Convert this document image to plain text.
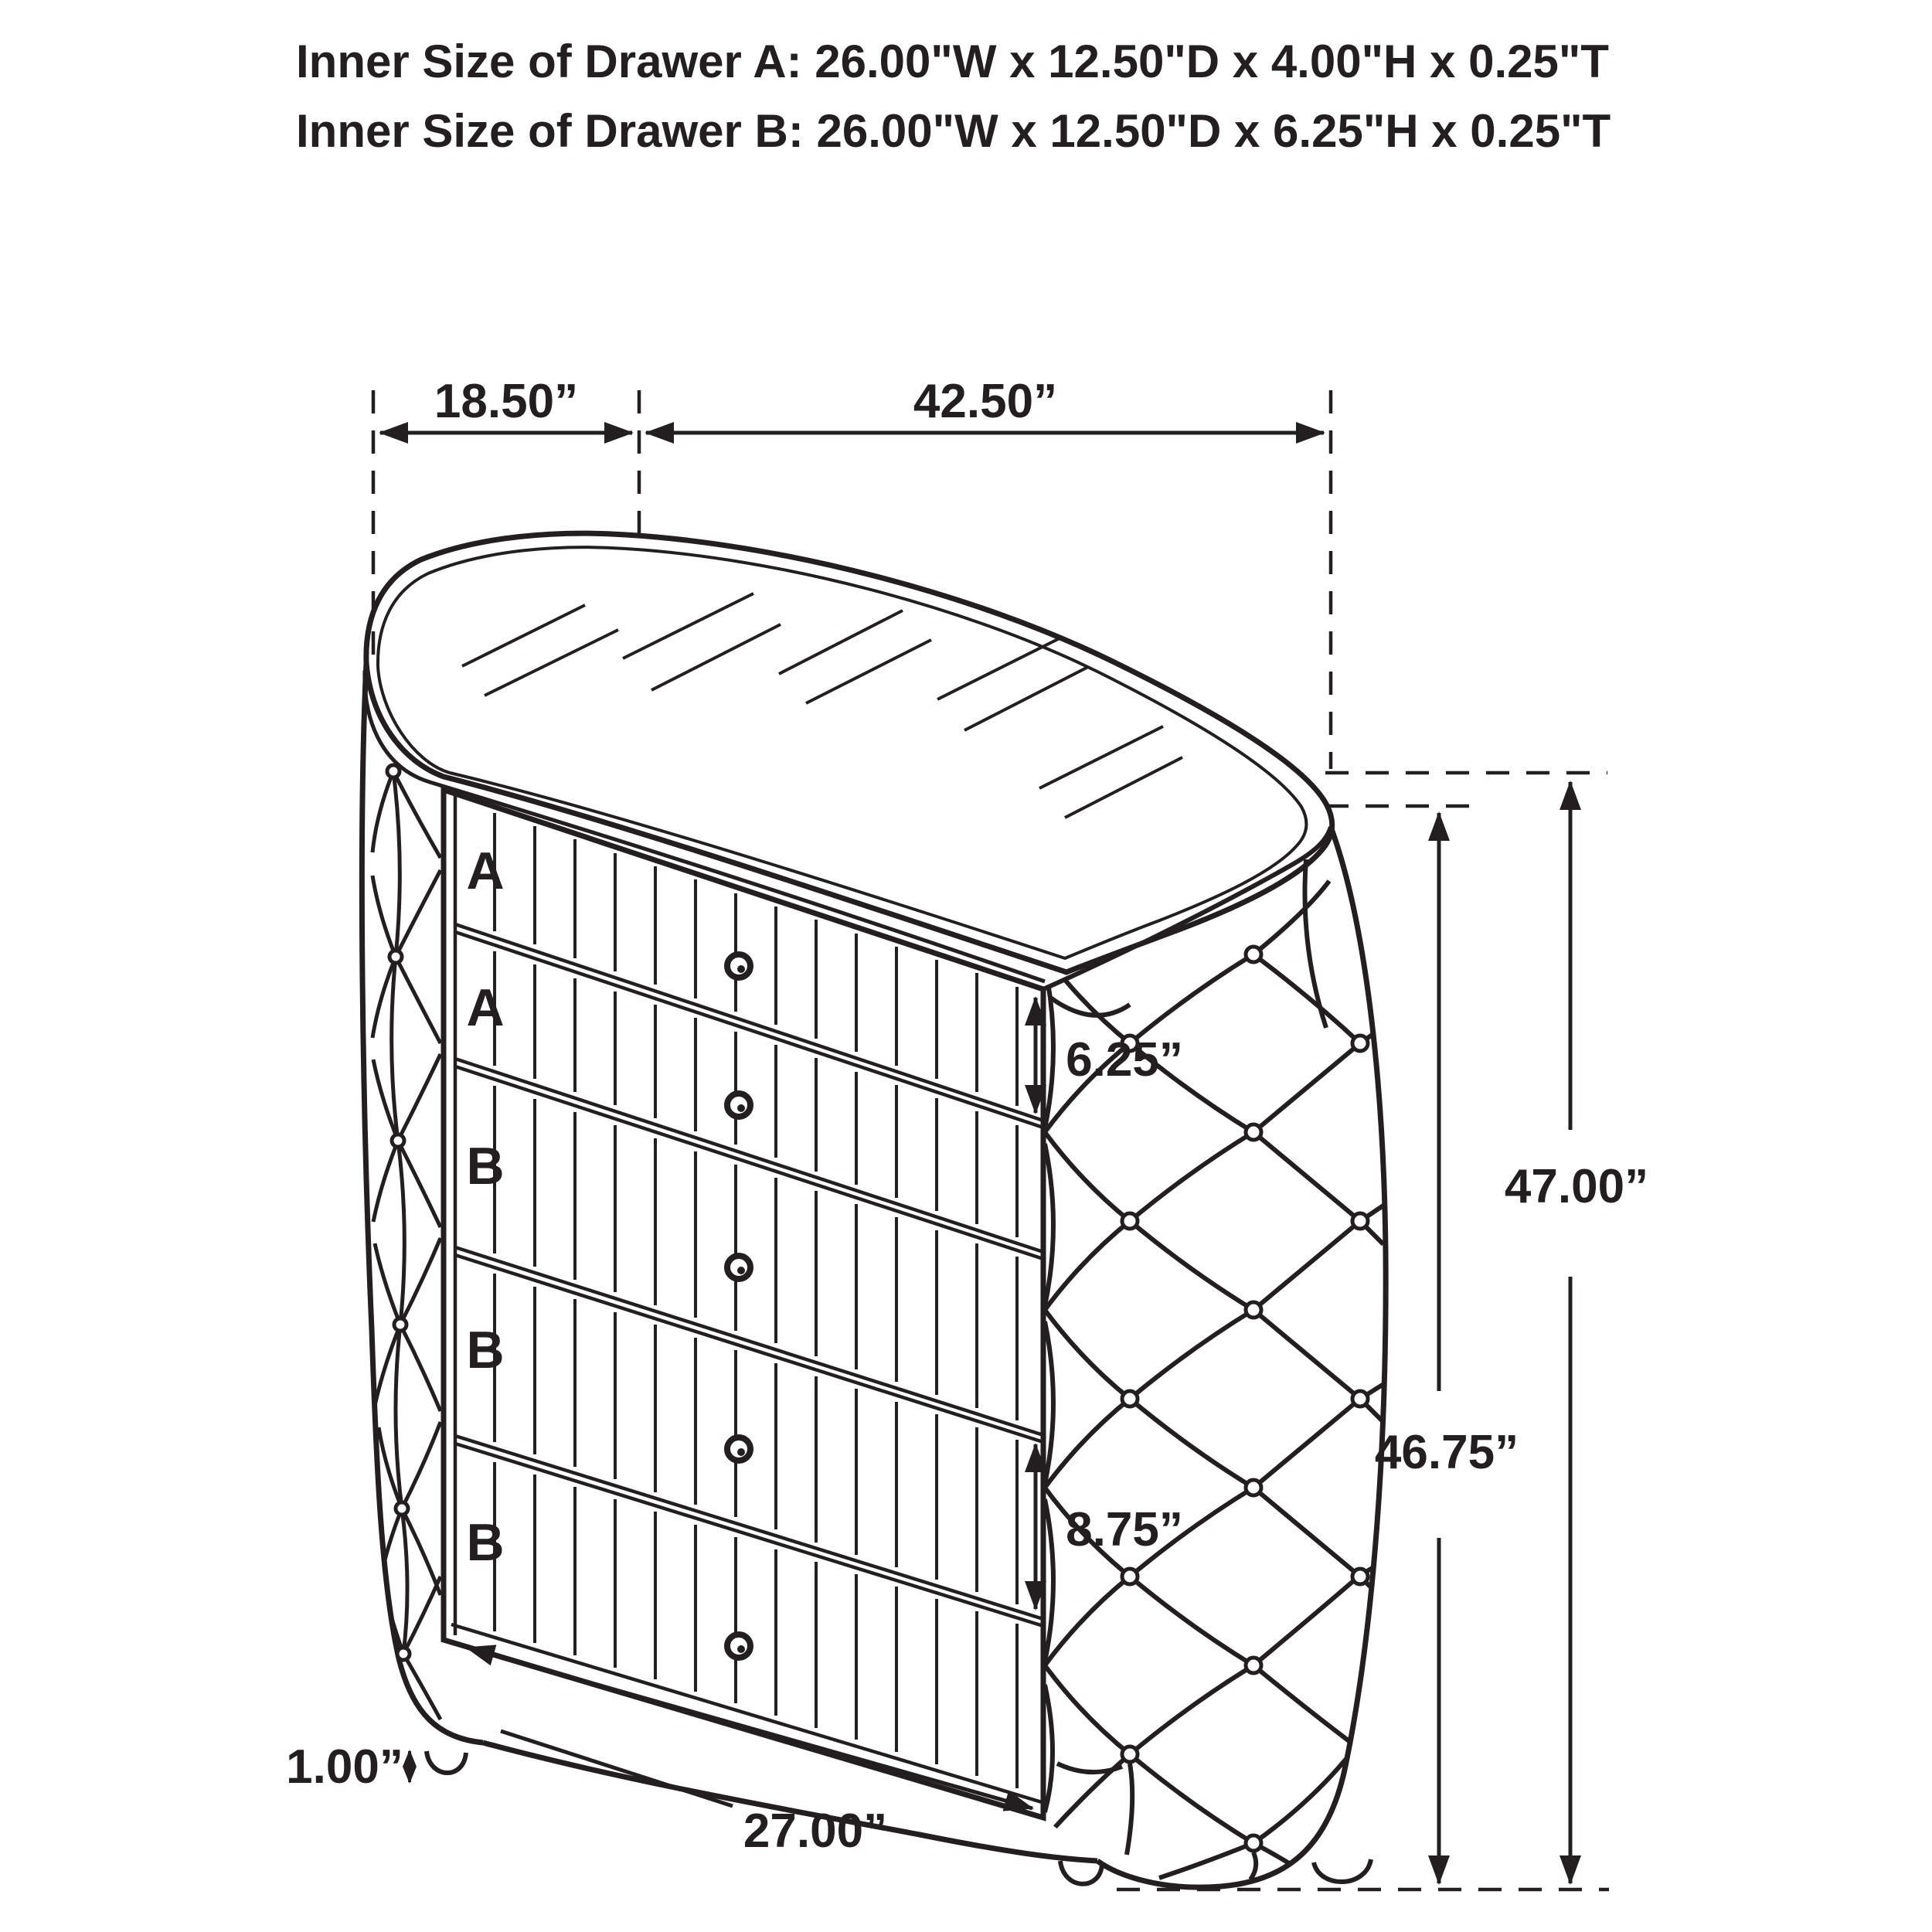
Inner Size of Drawer A: 26.00"W x 12.50"D x 4.00"H x 0.25"T
Inner Size of Drawer B: 26.00"W x 12.50"D x 6.25"H x 0.25"T
A
A
B
B
B
18.50”	42.50”
6.25”
8.75”
47.00”
46.75”
27.00”
1.00”
